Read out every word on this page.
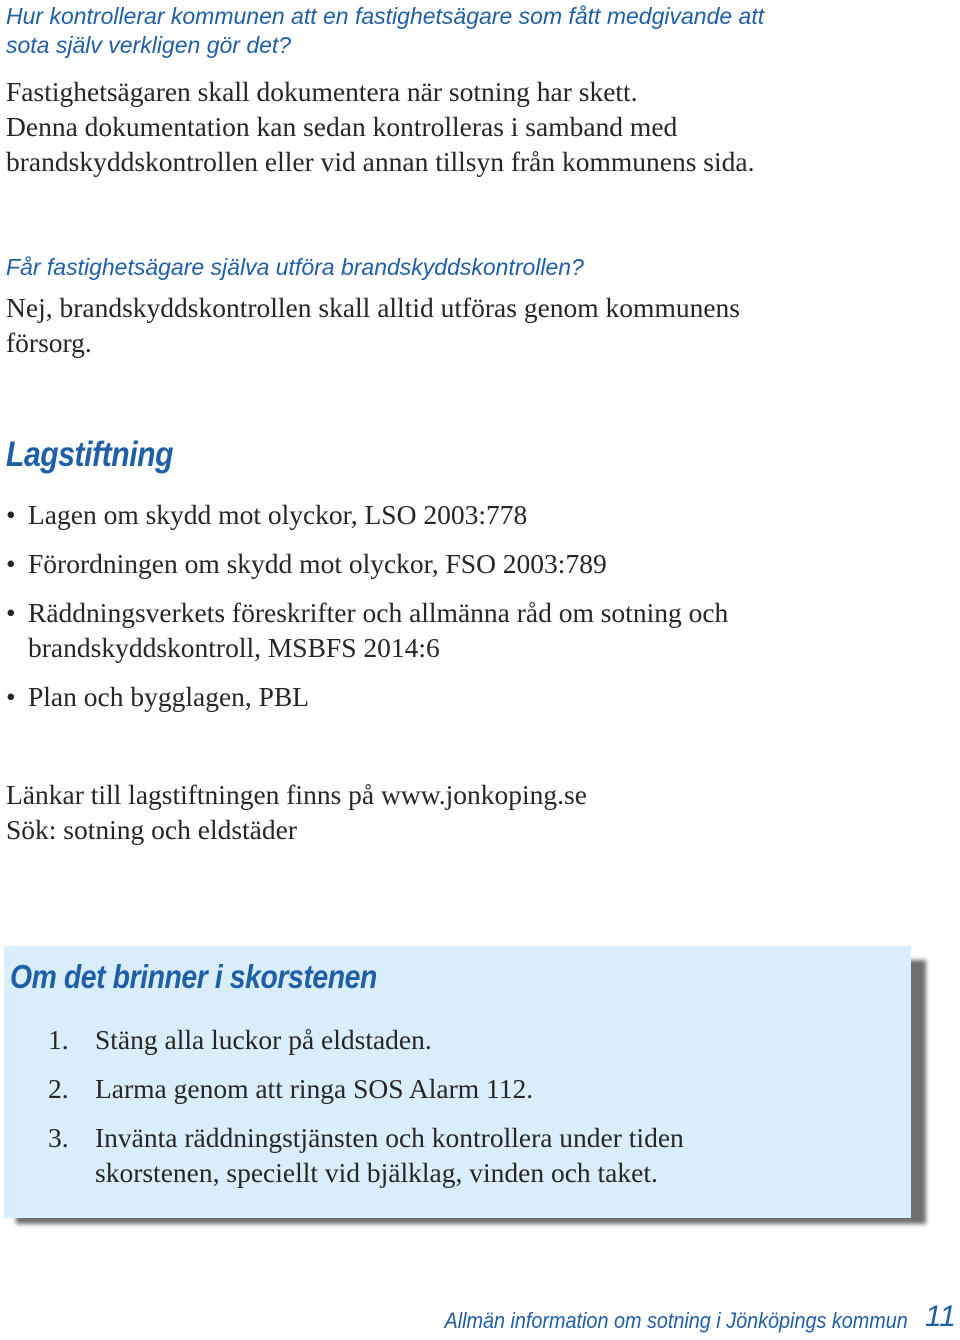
Hur kontrollerar kommunen att en fastighetsägare som fått medgivande att
sota själv verkligen gör det?

Fastighetsägaren skall dokumentera när sotning har skett.
Denna dokumentation kan sedan kontrolleras i samband med
brandskyddskontrollen eller vid annan tillsyn från kommunens sida.

Får fastighetsägare själva utföra brandskyddskontrollen?

Nej, brandskyddskontrollen skall alltid utföras genom kommunens
försorg.

Lagstiftning
• Lagen om skydd mot olyckor, LSO 2003:778
• Förordningen om skydd mot olyckor, FSO 2003:789
• Räddningsverkets föreskrifter och allmänna råd om sotning och
brandskyddskontroll, MSBFS 2014:6
• Plan och bygglagen, PBL

Länkar till lagstiftningen finns på www.jonkoping.se
Sök: sotning och eldstäder

Om det brinner i skorstenen
1. Stäng alla luckor på eldstaden.
2. Larma genom att ringa SOS Alarm 112.
3. Invänta räddningstjänsten och kontrollera under tiden
skorstenen, speciellt vid bjälklag, vinden och taket.
Allmän information om sotning i Jönköpings kommun 11
